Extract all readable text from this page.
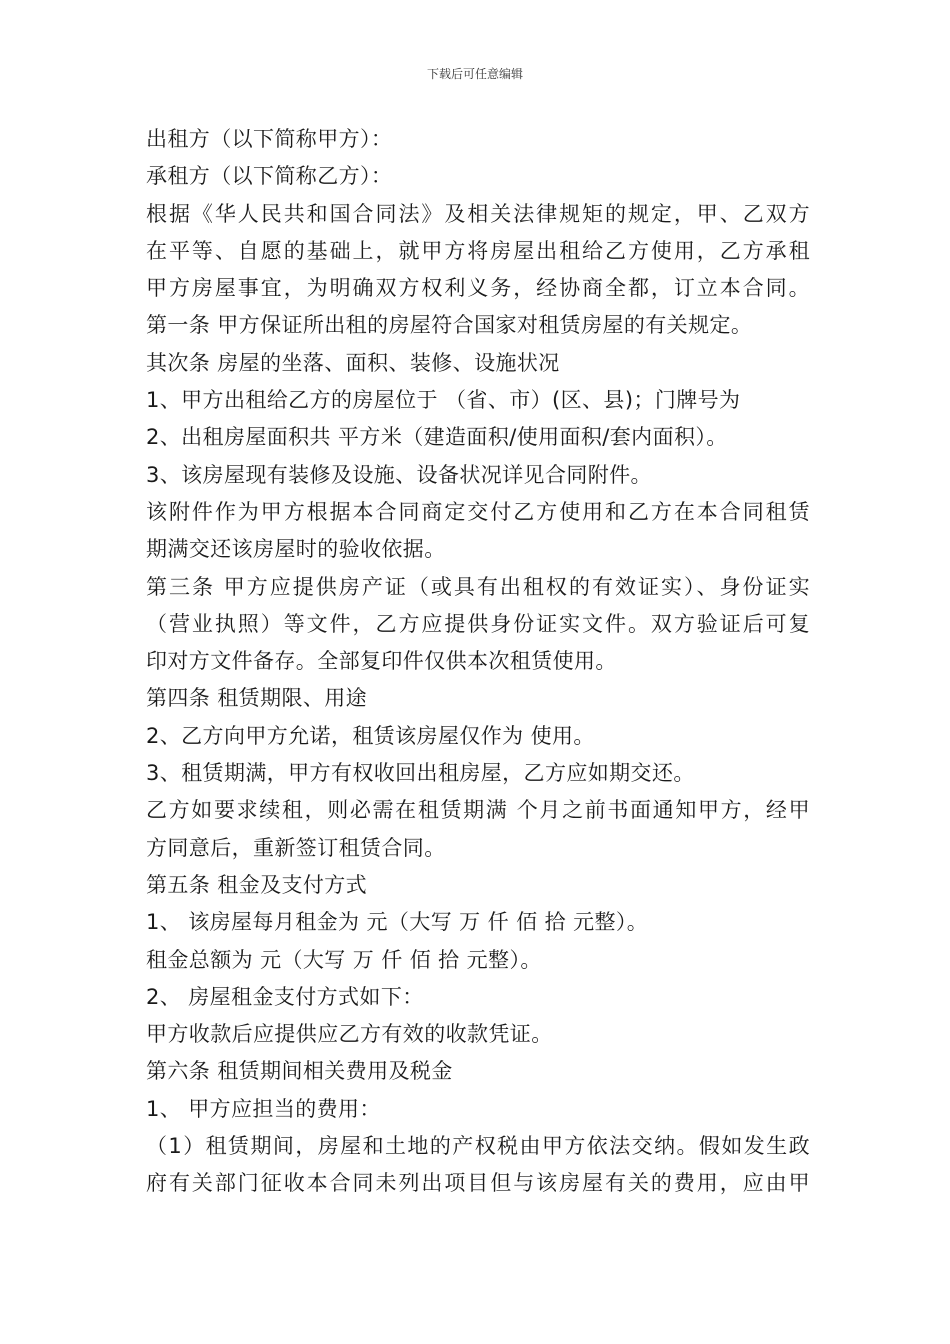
下载后可任意编辑
出租方（以下简称甲方）：
承租方（以下简称乙方）：
根据《华人民共和国合同法》及相关法律规矩的规定，甲、乙双方
在平等、自愿的基础上，就甲方将房屋出租给乙方使用，乙方承租
甲方房屋事宜，为明确双方权利义务，经协商全都，订立本合同。
第一条 甲方保证所出租的房屋符合国家对租赁房屋的有关规定。
其次条 房屋的坐落、面积、装修、设施状况
1、甲方出租给乙方的房屋位于 （省、市）(区、县)；门牌号为
2、出租房屋面积共 平方米（建造面积/使用面积/套内面积）。
3、该房屋现有装修及设施、设备状况详见合同附件。
该附件作为甲方根据本合同商定交付乙方使用和乙方在本合同租赁
期满交还该房屋时的验收依据。
第三条 甲方应提供房产证（或具有出租权的有效证实）、身份证实
（营业执照）等文件，乙方应提供身份证实文件。双方验证后可复
印对方文件备存。全部复印件仅供本次租赁使用。
第四条 租赁期限、用途
2、乙方向甲方允诺，租赁该房屋仅作为 使用。
3、租赁期满，甲方有权收回出租房屋，乙方应如期交还。
乙方如要求续租，则必需在租赁期满 个月之前书面通知甲方，经甲
方同意后，重新签订租赁合同。
第五条 租金及支付方式
1、 该房屋每月租金为 元（大写 万 仟 佰 拾 元整）。
租金总额为 元（大写 万 仟 佰 拾 元整）。
2、 房屋租金支付方式如下：
甲方收款后应提供应乙方有效的收款凭证。
第六条 租赁期间相关费用及税金
1、 甲方应担当的费用：
（1）租赁期间，房屋和土地的产权税由甲方依法交纳。假如发生政
府有关部门征收本合同未列出项目但与该房屋有关的费用，应由甲
